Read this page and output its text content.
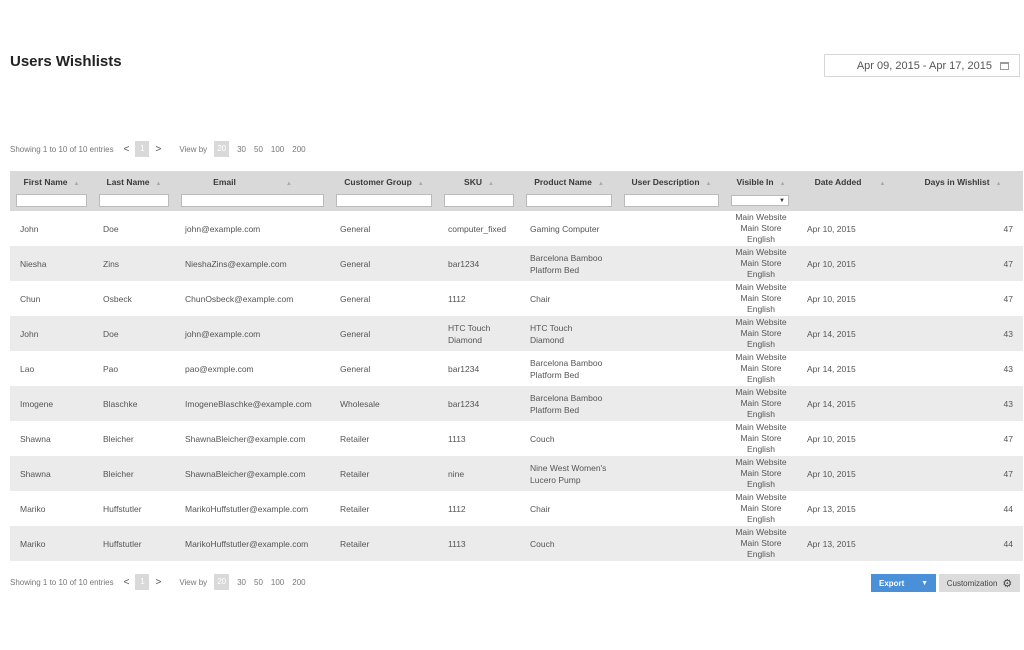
Users Wishlists	Apr 09, 2015 - Apr 17, 2015
Showing 1 to 10 of 10 entries <	1	> View by	20	30 50 100 200
First Name ▲	Last Name ▲	Email ▲	Customer Group ▲	SKU ▲	Product Name ▲	User Description ▲	Visible In ▲	Date Added ▲	Days in Wishlist ▲

▼		

John	Doe	john@example.com	General	computer_fixed	Gaming Computer		Main Website
Main Store
English	Apr 10, 2015	47
Niesha	Zins	NieshaZins@example.com	General	bar1234	Barcelona Bamboo Platform Bed		Main Website
Main Store
English	Apr 10, 2015	47
Chun	Osbeck	ChunOsbeck@example.com	General	1112	Chair		Main Website
Main Store
English	Apr 10, 2015	47
John	Doe	john@example.com	General	HTC Touch Diamond	HTC Touch Diamond		Main Website
Main Store
English	Apr 14, 2015	43
Lao	Pao	pao@exmple.com	General	bar1234	Barcelona Bamboo Platform Bed		Main Website
Main Store
English	Apr 14, 2015	43
Imogene	Blaschke	ImogeneBlaschke@example.com	Wholesale	bar1234	Barcelona Bamboo Platform Bed		Main Website
Main Store
English	Apr 14, 2015	43
Shawna	Bleicher	ShawnaBleicher@example.com	Retailer	1113	Couch		Main Website
Main Store
English	Apr 10, 2015	47
Shawna	Bleicher	ShawnaBleicher@example.com	Retailer	nine	Nine West Women's Lucero Pump		Main Website
Main Store
English	Apr 10, 2015	47
Mariko	Huffstutler	MarikoHuffstutler@example.com	Retailer	1112	Chair		Main Website
Main Store
English	Apr 13, 2015	44
Mariko	Huffstutler	MarikoHuffstutler@example.com	Retailer	1113	Couch		Main Website
Main Store
English	Apr 13, 2015	44
Showing 1 to 10 of 10 entries <	1	> View by	20	30 50 100 200	Export ▼ Customization ⚙
